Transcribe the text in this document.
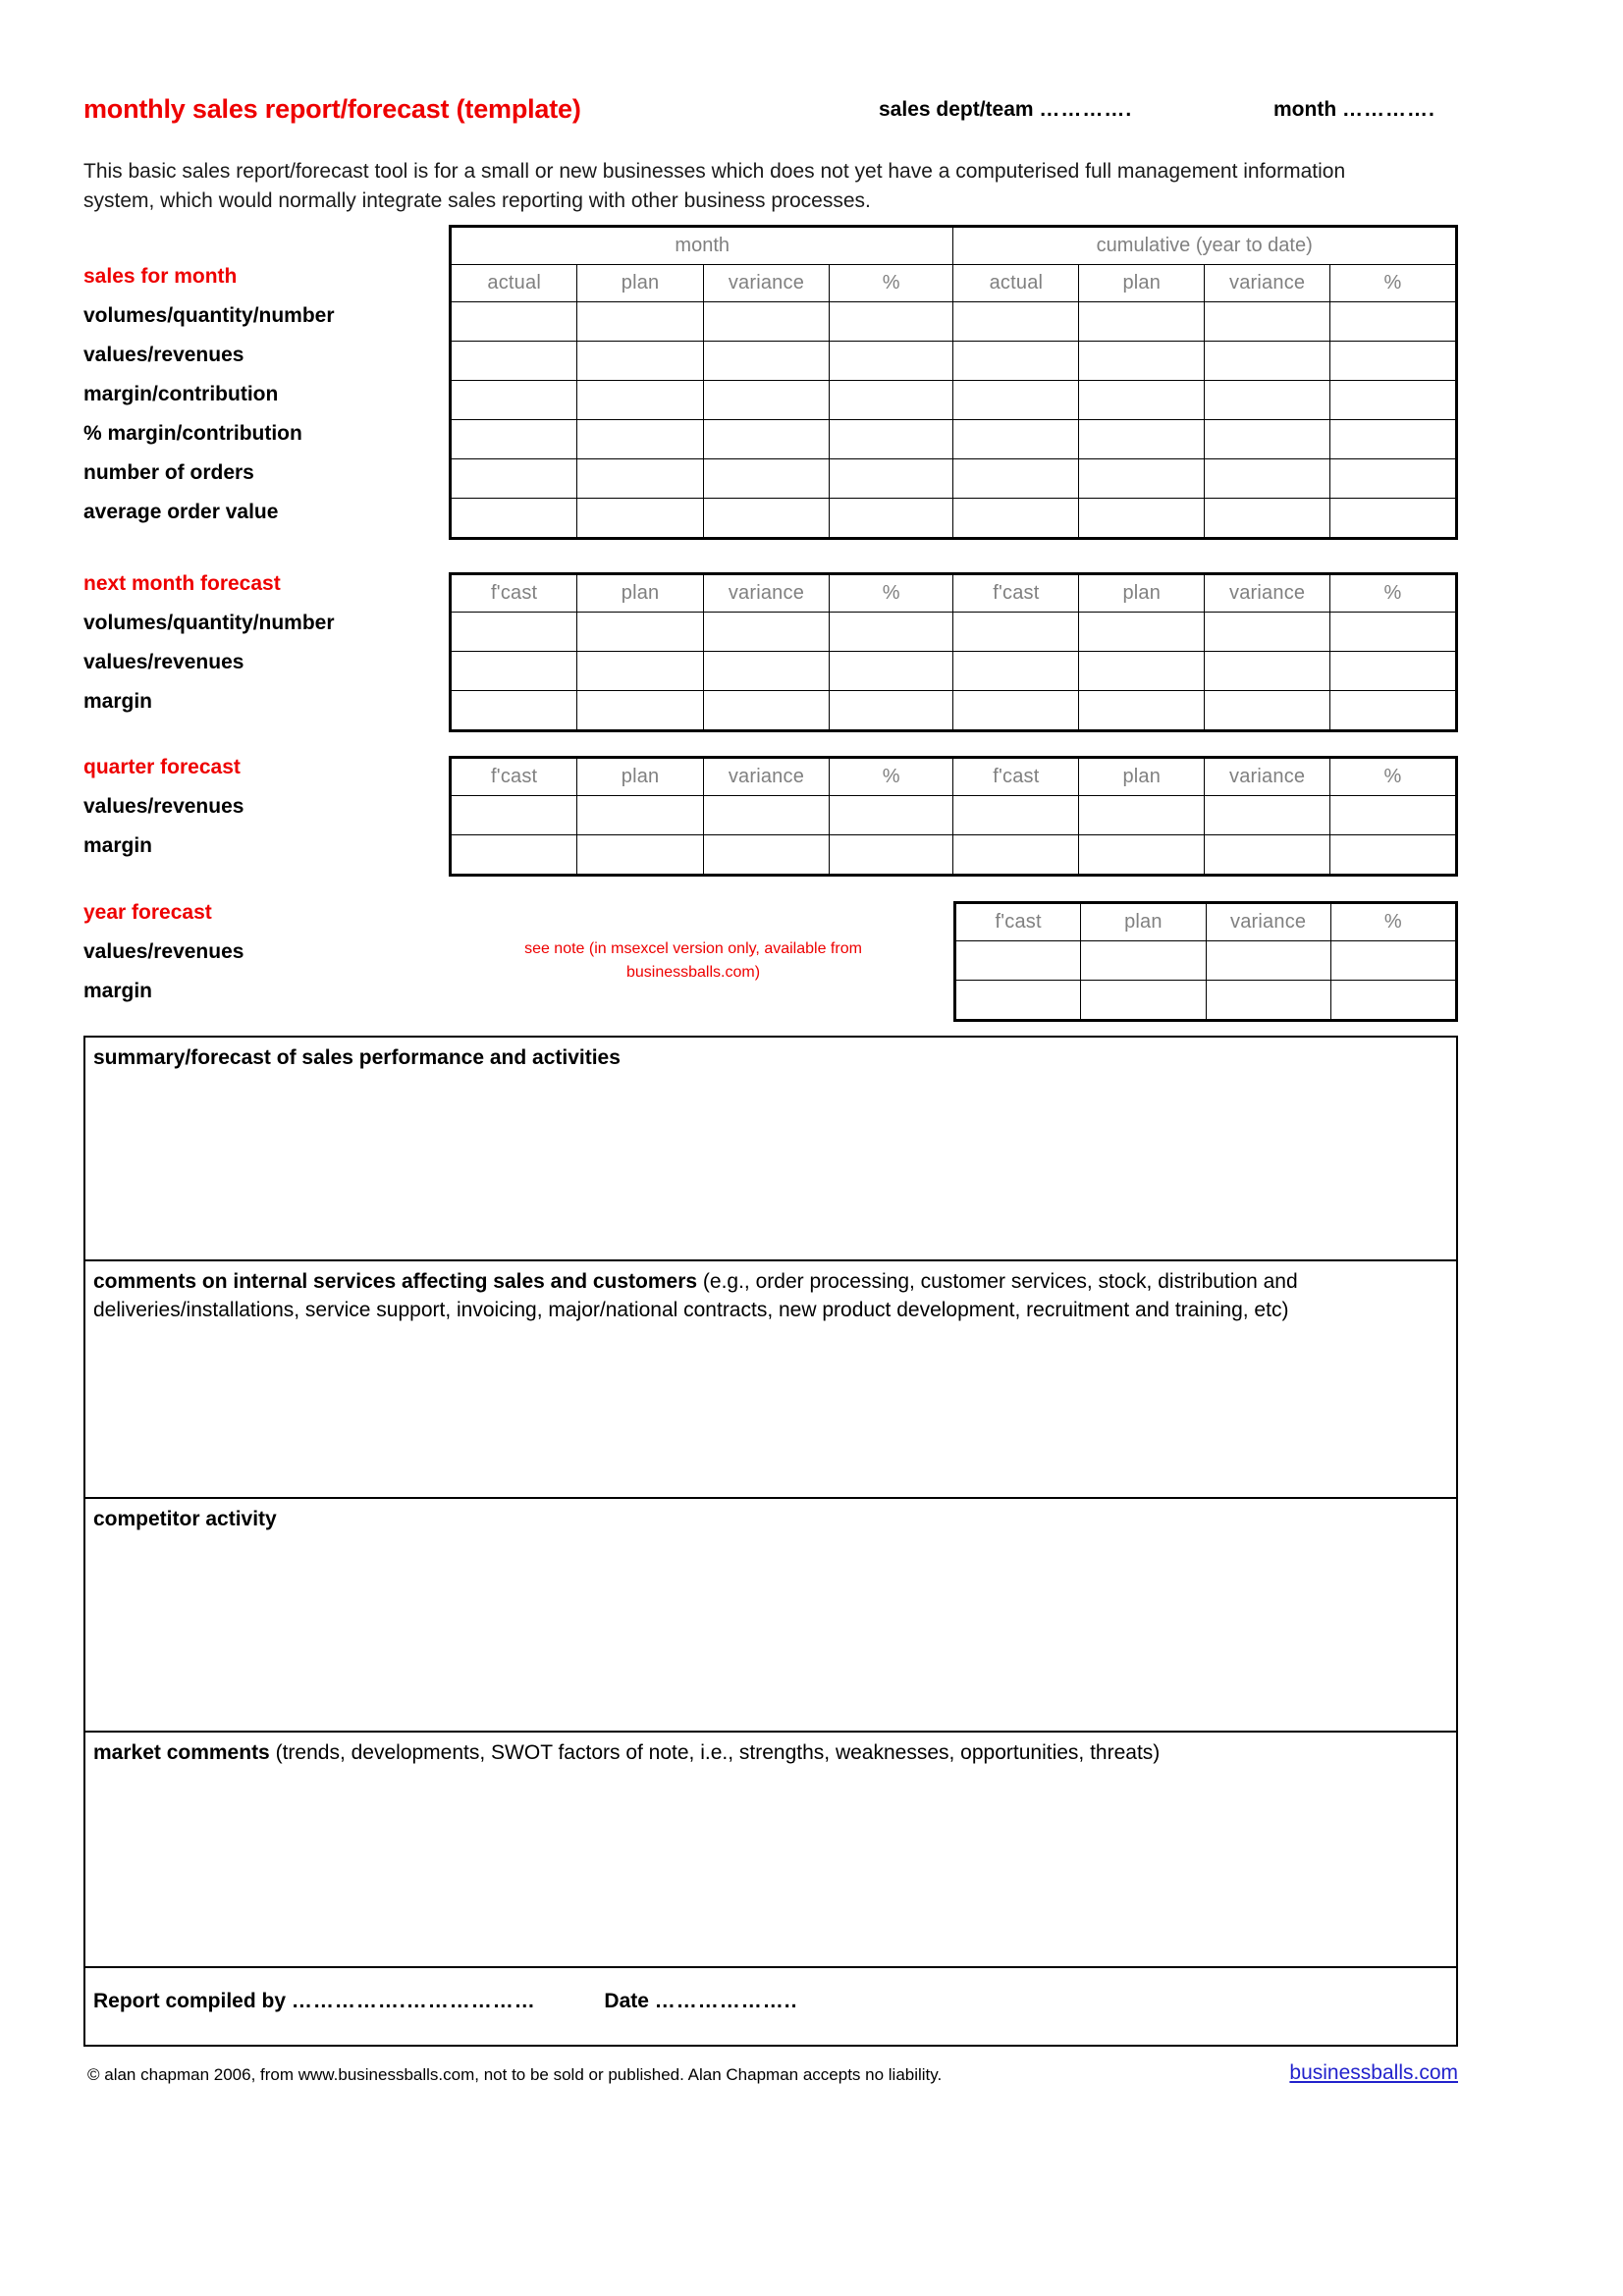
monthly sales report/forecast (template)	sales dept/team ………….	month ………….
This basic sales report/forecast tool is for a small or new businesses which does not yet have a computerised full management information system, which would normally integrate sales reporting with other business processes.
sales for month
volumes/quantity/number
values/revenues
margin/contribution
% margin/contribution
number of orders
average order value
month				cumulative (year to date)			
actual	plan	variance	%	actual	plan	variance	%

next month forecast
volumes/quantity/number
values/revenues
margin
f'cast	plan	variance	%	f'cast	plan	variance	%

quarter forecast
values/revenues
margin
f'cast	plan	variance	%	f'cast	plan	variance	%

year forecast
values/revenues
margin
see note (in msexcel version only, available from businessballs.com)
f'cast	plan	variance	%

summary/forecast of sales performance and activities
comments on internal services affecting sales and customers (e.g., order processing, customer services, stock, distribution and deliveries/installations, service support, invoicing, major/national contracts, new product development, recruitment and training, etc)
competitor activity
market comments (trends, developments, SWOT factors of note, i.e., strengths, weaknesses, opportunities, threats)
Report compiled by …………….………………	Date ………………..
© alan chapman 2006, from www.businessballs.com, not to be sold or published. Alan Chapman accepts no liability.	businessballs.com
